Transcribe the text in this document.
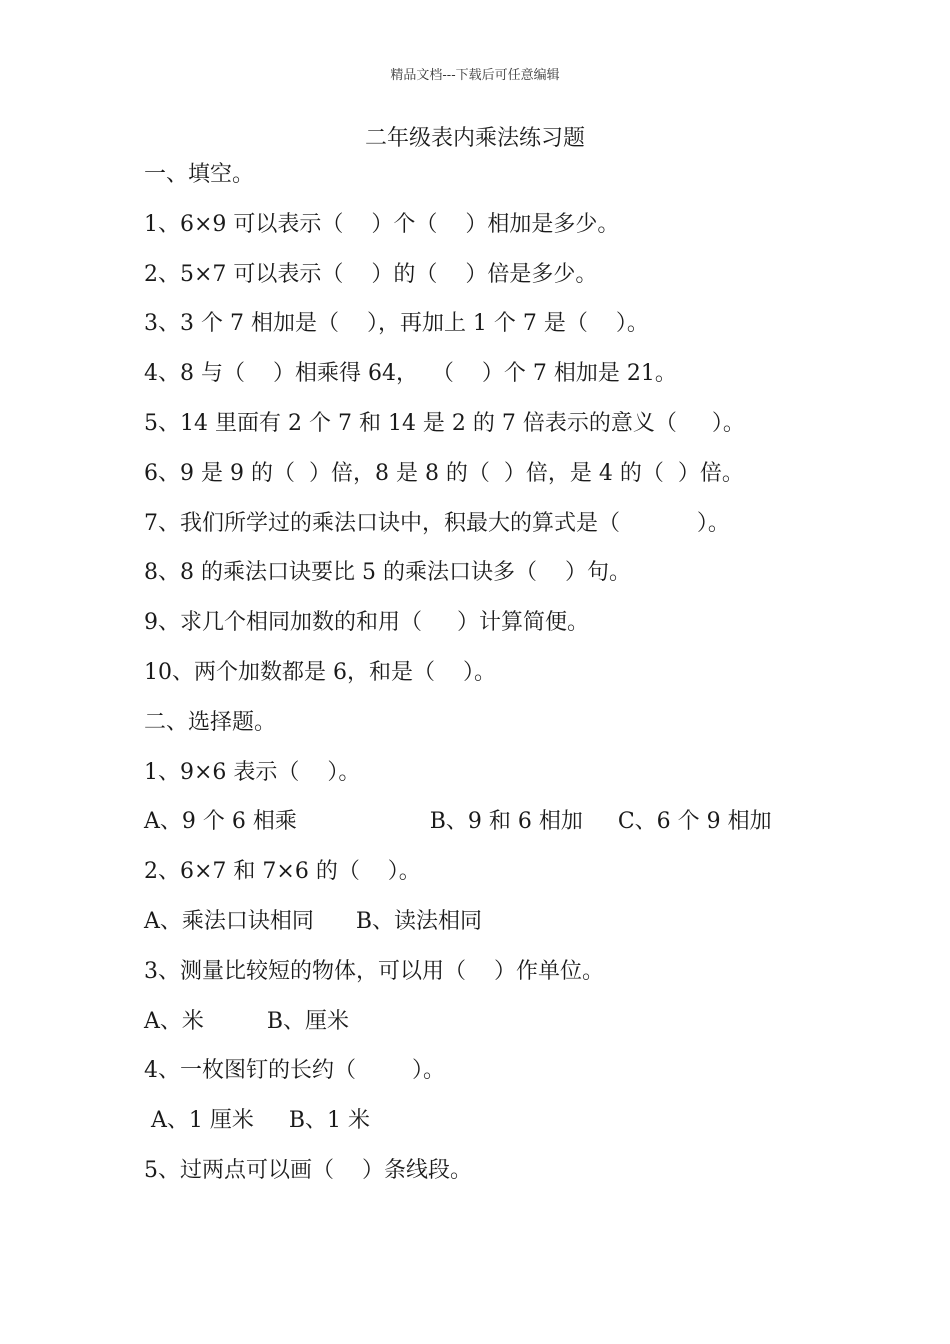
精品文档---下载后可任意编辑
二年级表内乘法练习题
一、填空。
1、6×9 可以表示（    ）个（    ）相加是多少。
2、5×7 可以表示（    ）的（    ）倍是多少。
3、3 个 7 相加是（    ），再加上 1 个 7 是（    ）。
4、8 与（    ）相乘得 64，  （    ）个 7 相加是 21。
5、14 里面有 2 个 7 和 14 是 2 的 7 倍表示的意义（     ）。
6、9 是 9 的（  ）倍，8 是 8 的（  ）倍，是 4 的（  ）倍。
7、我们所学过的乘法口诀中，积最大的算式是（           ）。
8、8 的乘法口诀要比 5 的乘法口诀多（    ）句。
9、求几个相同加数的和用（     ）计算简便。
10、两个加数都是 6，和是（    ）。
二、选择题。
1、9×6 表示（    ）。
A、9 个 6 相乘                   B、9 和 6 相加     C、6 个 9 相加
2、6×7 和 7×6 的（    ）。
A、乘法口诀相同      B、读法相同
3、测量比较短的物体，可以用（    ）作单位。
A、米         B、厘米
4、一枚图钉的长约（        ）。
A、1 厘米     B、1 米
5、过两点可以画（    ）条线段。
